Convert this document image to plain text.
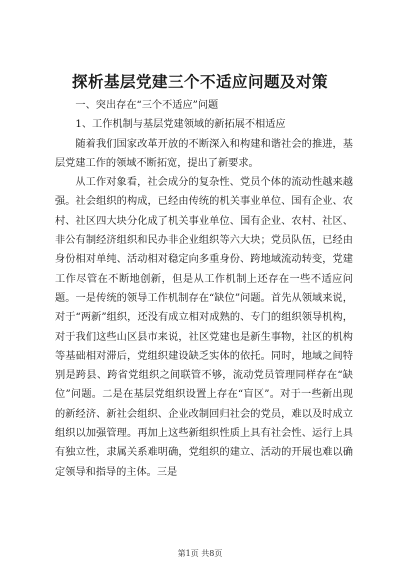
探析基层党建三个不适应问题及对策

一、突出存在“三个不适应”问题

1、工作机制与基层党建领域的新拓展不相适应

随着我们国家改革开放的不断深入和构建和谐社会的推进，基层党建工作的领域不断拓宽，提出了新要求。

从工作对象看，社会成分的复杂性、党员个体的流动性越来越强。社会组织的构成，已经由传统的机关事业单位、国有企业、农村、社区四大块分化成了机关事业单位、国有企业、农村、社区、非公有制经济组织和民办非企业组织等六大块；党员队伍，已经由身份相对单纯、活动相对稳定向多重身份、跨地域流动转变，党建工作尽管在不断地创新，但是从工作机制上还存在一些不适应问题。一是传统的领导工作机制存在“缺位”问题。首先从领域来说，对于“两新”组织，还没有成立相对成熟的、专门的组织领导机构，对于我们这些山区县市来说，社区党建也是新生事物，社区的机构等基础相对滞后，党组织建设缺乏实体的依托。同时，地域之间特别是跨县、跨省党组织之间联管不够，流动党员管理同样存在“缺位”问题。二是在基层党组织设置上存在“盲区”。对于一些新出现的新经济、新社会组织、企业改制回归社会的党员，难以及时成立组织以加强管理。再加上这些新组织性质上具有社会性、运行上具有独立性，隶属关系难明确，党组织的建立、活动的开展也难以确定领导和指导的主体。三是

第1页 共8页
